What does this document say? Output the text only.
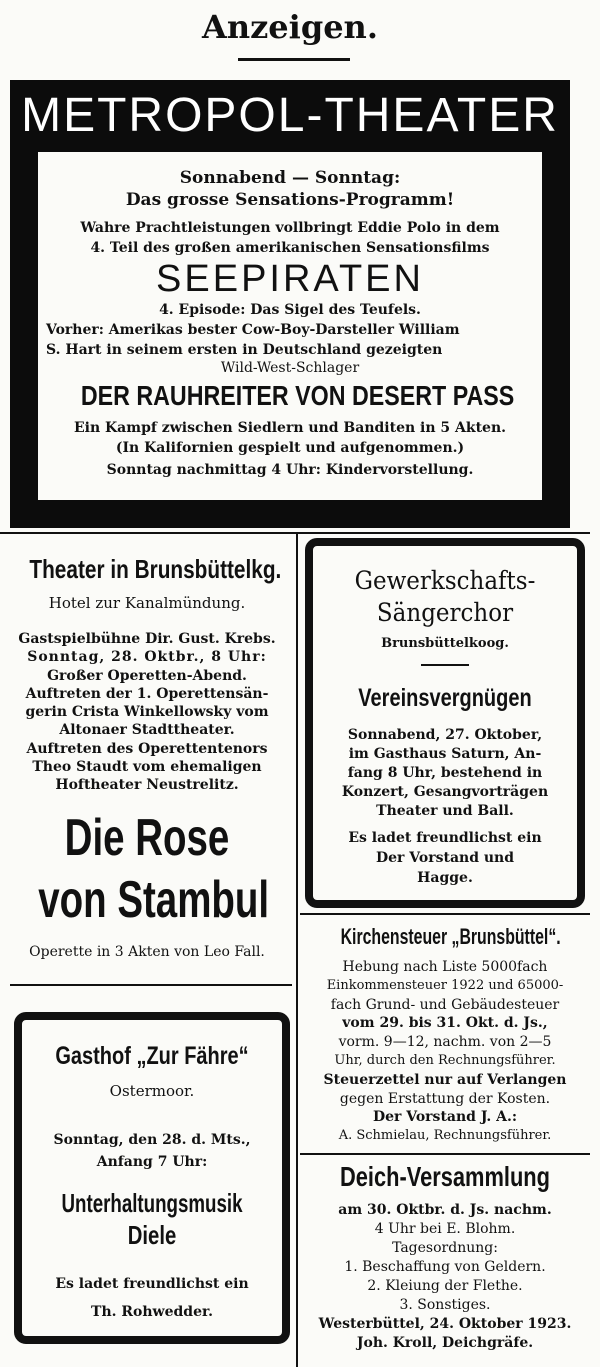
Anzeigen.
METROPOL-THEATER
Sonnabend — Sonntag:
Das grosse Sensations-Programm!
Wahre Prachtleistungen vollbringt Eddie Polo in dem
4. Teil des großen amerikanischen Sensationsfilms
SEEPIRATEN
4. Episode: Das Sigel des Teufels.
Vorher: Amerikas bester Cow-Boy-Darsteller William
S. Hart in seinem ersten in Deutschland gezeigten
Wild-West-Schlager
DER RAUHREITER VON DESERT PASS
Ein Kampf zwischen Siedlern und Banditen in 5 Akten.
(In Kalifornien gespielt und aufgenommen.)
Sonntag nachmittag 4 Uhr: Kindervorstellung.
Theater in Brunsbüttelkg.
Hotel zur Kanalmündung.
Gastspielbühne Dir. Gust. Krebs.
Sonntag, 28. Oktbr., 8 Uhr:
Großer Operetten-Abend.
Auftreten der 1. Operettensän-
gerin Crista Winkellowsky vom
Altonaer Stadttheater.
Auftreten des Operettentenors
Theo Staudt vom ehemaligen
Hoftheater Neustrelitz.
Die Rose
von Stambul
Operette in 3 Akten von Leo Fall.
Gewerkschafts-
Sängerchor
Brunsbüttelkoog.
Vereinsvergnügen
Sonnabend, 27. Oktober,
im Gasthaus Saturn, An-
fang 8 Uhr, bestehend in
Konzert, Gesangvorträgen
Theater und Ball.
Es ladet freundlichst ein
Der Vorstand und
Hagge.
Kirchensteuer „Brunsbüttel“.
Hebung nach Liste 5000fach
Einkommensteuer 1922 und 65000-
fach Grund- und Gebäudesteuer
vom 29. bis 31. Okt. d. Js.,
vorm. 9—12, nachm. von 2—5
Uhr, durch den Rechnungsführer.
Steuerzettel nur auf Verlangen
gegen Erstattung der Kosten.
Der Vorstand J. A.:
A. Schmielau, Rechnungsführer.
Deich-Versammlung
am 30. Oktbr. d. Js. nachm.
4 Uhr bei E. Blohm.
Tagesordnung:
1. Beschaffung von Geldern.
2. Kleiung der Flethe.
3. Sonstiges.
Westerbüttel, 24. Oktober 1923.
Joh. Kroll, Deichgräfe.
Gasthof „Zur Fähre“
Ostermoor.
Sonntag, den 28. d. Mts.,
Anfang 7 Uhr:
Unterhaltungsmusik
Diele
Es ladet freundlichst ein
Th. Rohwedder.
